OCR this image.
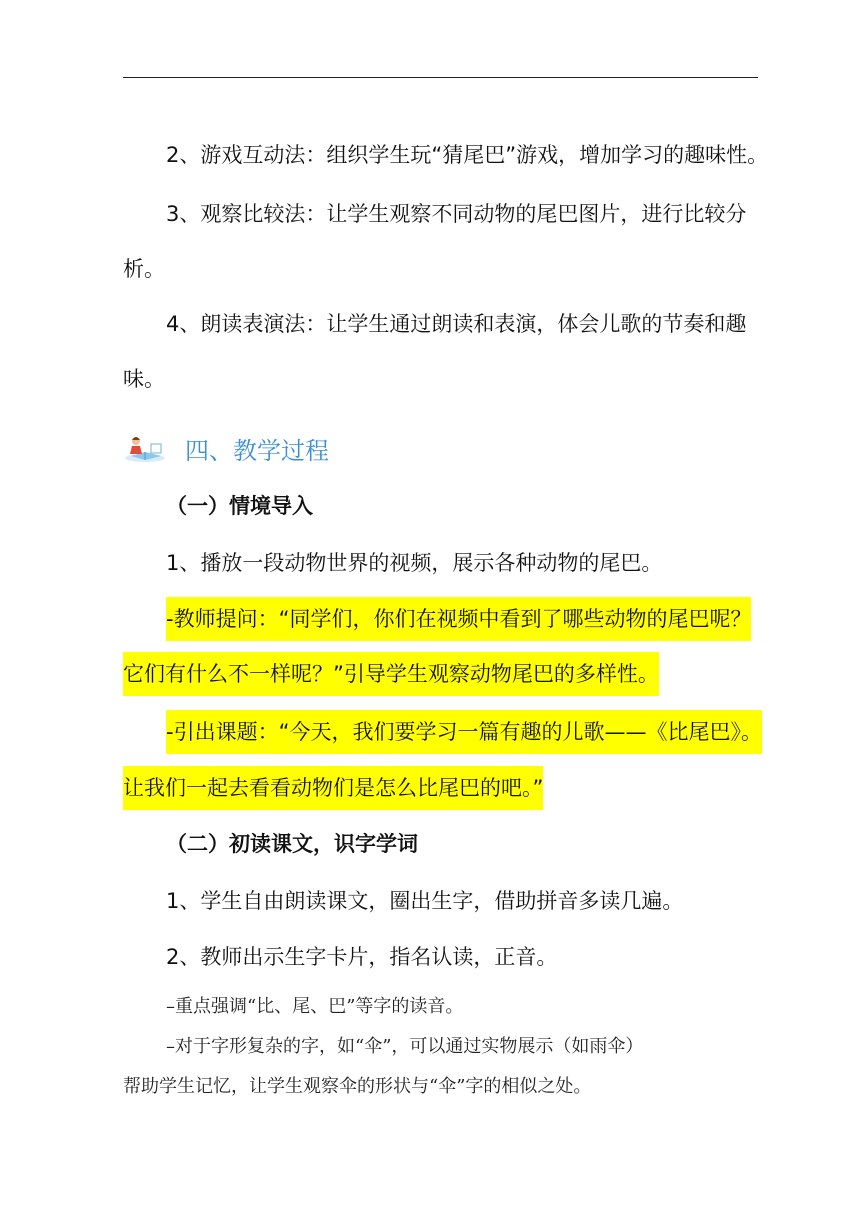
2、游戏互动法：组织学生玩“猜尾巴”游戏，增加学习的趣味性。
3、观察比较法：让学生观察不同动物的尾巴图片，进行比较分
析。
4、朗读表演法：让学生通过朗读和表演，体会儿歌的节奏和趣
味。
四、教学过程
（一）情境导入
1、播放一段动物世界的视频，展示各种动物的尾巴。
-教师提问：“同学们，你们在视频中看到了哪些动物的尾巴呢？
它们有什么不一样呢？”引导学生观察动物尾巴的多样性。
-引出课题：“今天，我们要学习一篇有趣的儿歌——《比尾巴》。
让我们一起去看看动物们是怎么比尾巴的吧。”
（二）初读课文，识字学词
1、学生自由朗读课文，圈出生字，借助拼音多读几遍。
2、教师出示生字卡片，指名认读，正音。
–重点强调“比、尾、巴”等字的读音。
–对于字形复杂的字，如“伞”，可以通过实物展示（如雨伞）
帮助学生记忆，让学生观察伞的形状与“伞”字的相似之处。
